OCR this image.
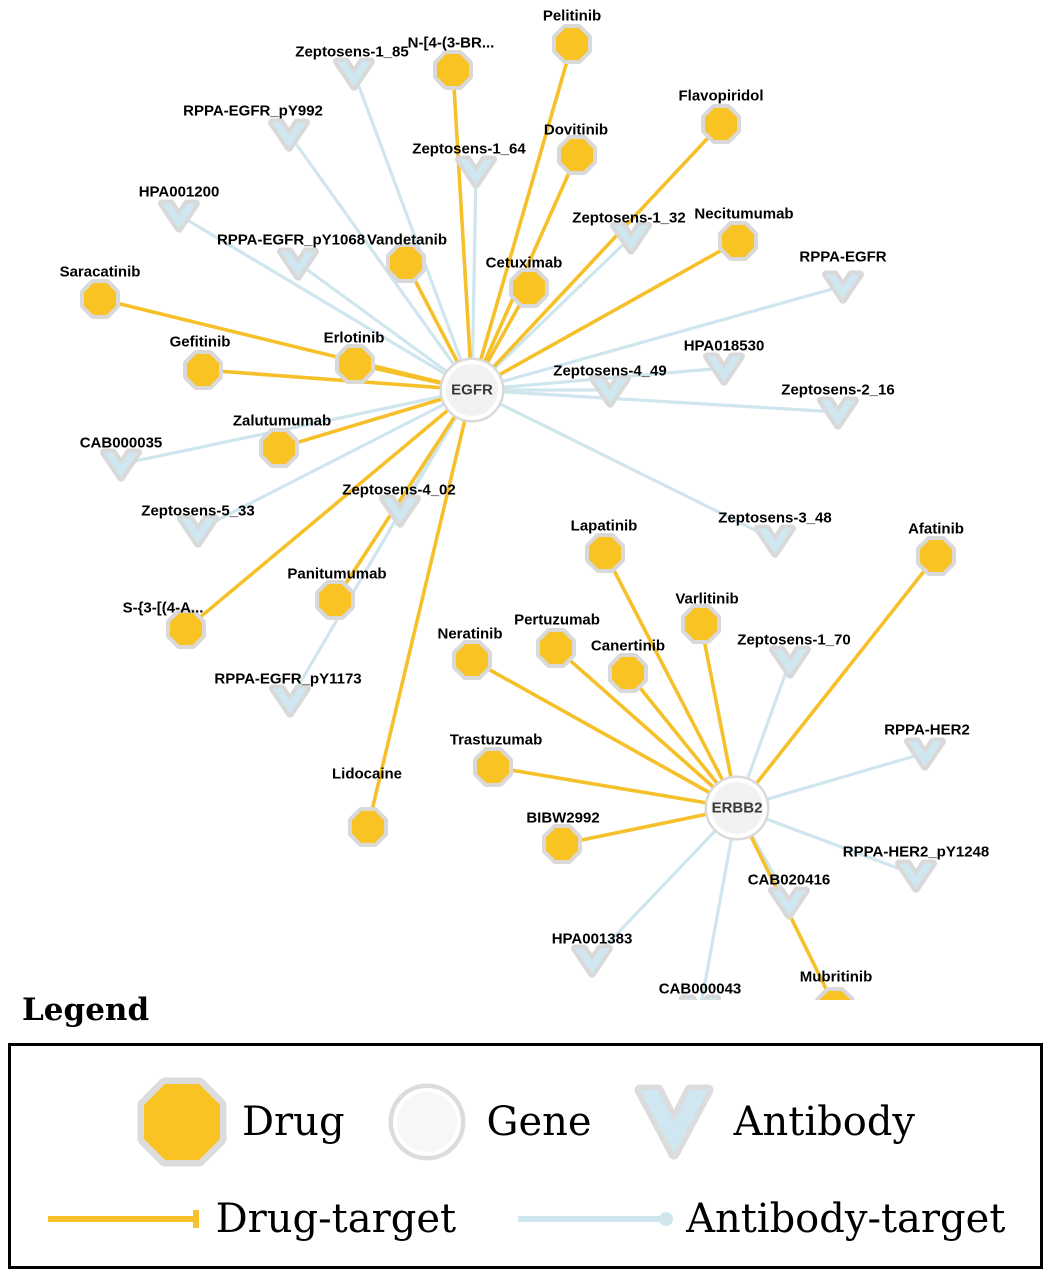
Zeptosens-1_85
RPPA-EGFR_pY992
Zeptosens-1_64
HPA001200
Zeptosens-1_32
RPPA-EGFR_pY1068
RPPA-EGFR
HPA018530
Zeptosens-4_49
Zeptosens-2_16
CAB000035
Zeptosens-5_33
Zeptosens-4_02
Zeptosens-3_48
Zeptosens-1_70
RPPA-EGFR_pY1173
RPPA-HER2
RPPA-HER2_pY1248
CAB020416
HPA001383
CAB000043
Pelitinib
N-[4-(3-BR...
Flavopiridol
Dovitinib
Necitumumab
Vandetanib
Cetuximab
Saracatinib
Gefitinib	Erlotinib
Zalutumumab
Afatinib
Lapatinib
Panitumumab
S-{3-[(4-A...
Varlitinib
Pertuzumab
Neratinib
Canertinib
Trastuzumab
Lidocaine
BIBW2992
Mubritinib
EGFR
ERBB2
Legend
Drug	Gene	Antibody
Drug-target	Antibody-target
